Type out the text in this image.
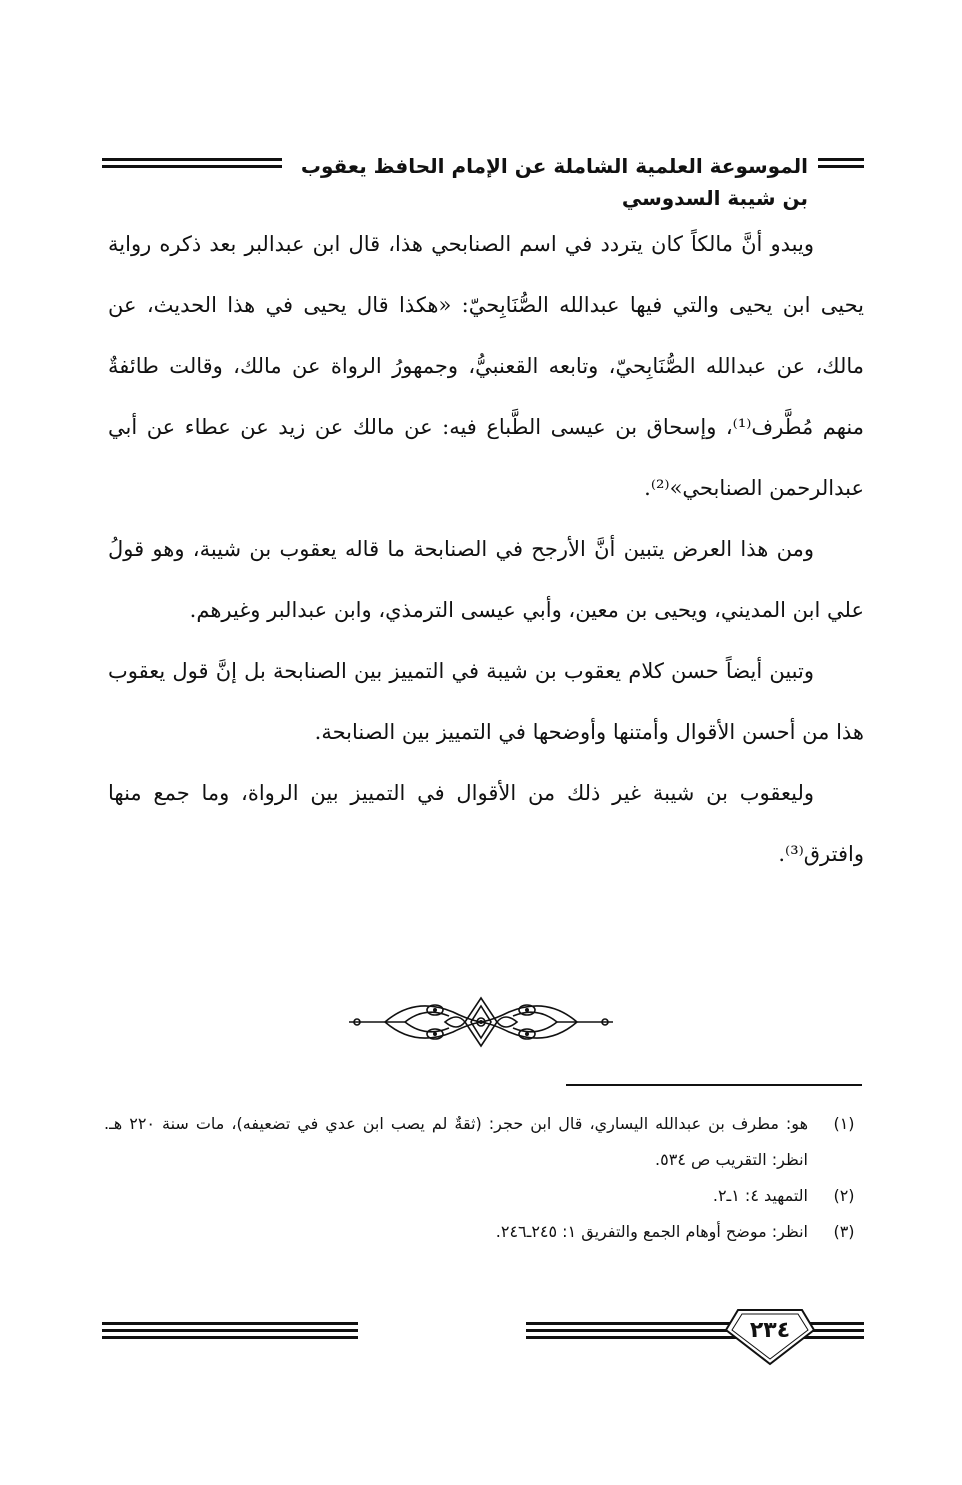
الموسوعة العلمية الشاملة عن الإمام الحافظ يعقوب بن شيبة السدوسي

ويبدو أنَّ مالكاً كان يتردد في اسم الصنابحي هذا، قال ابن عبدالبر بعد ذكره رواية يحيى ابن يحيى والتي فيها عبدالله الصُّنَابِحيّ: «هكذا قال يحيى في هذا الحديث، عن مالك، عن عبدالله الصُّنَابِحيّ، وتابعه القعنبيُّ، وجمهورُ الرواة عن مالك، وقالت طائفةٌ منهم مُطَّرف⁽¹⁾، وإسحاق بن عيسى الطَّباع فيه: عن مالك عن زيد عن عطاء عن أبي عبدالرحمن الصنابحي»⁽²⁾.

ومن هذا العرض يتبين أنَّ الأرجح في الصنابحة ما قاله يعقوب بن شيبة، وهو قولُ علي ابن المديني، ويحيى بن معين، وأبي عيسى الترمذي، وابن عبدالبر وغيرهم.

وتبين أيضاً حسن كلام يعقوب بن شيبة في التمييز بين الصنابحة بل إنَّ قول يعقوب هذا من أحسن الأقوال وأمتنها وأوضحها في التمييز بين الصنابحة.

وليعقوب بن شيبة غير ذلك من الأقوال في التمييز بين الرواة، وما جمع منها وافترق⁽³⁾.

(١)
هو: مطرف بن عبدالله اليساري، قال ابن حجر: (ثقةٌ لم يصب ابن عدي في تضعيفه)، مات سنة ٢٢٠ هـ. انظر: التقريب ص ٥٣٤.
(٢)
التمهيد ٤: ١ـ٢.
(٣)
انظر: موضح أوهام الجمع والتفريق ١: ٢٤٥ـ٢٤٦.
٢٣٤
